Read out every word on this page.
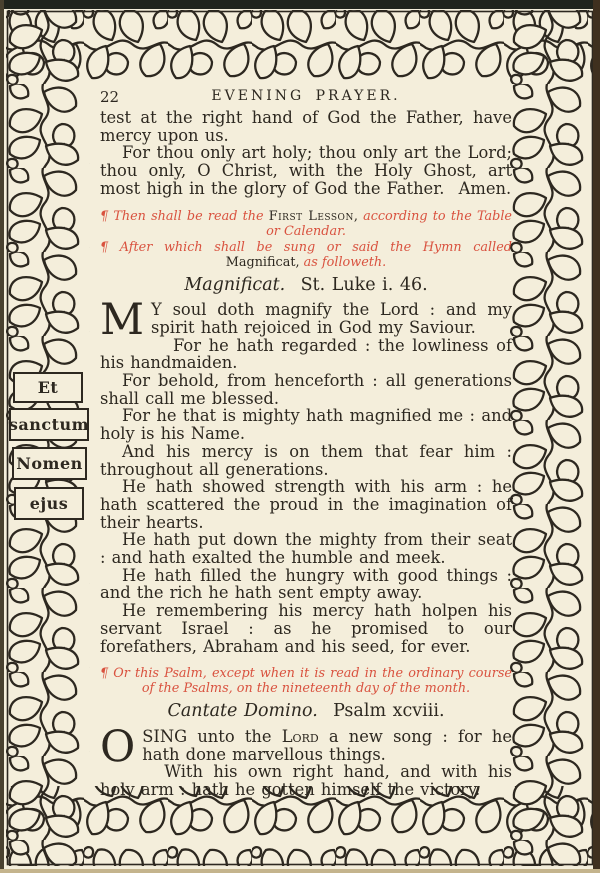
Et
sanctum
Nomen
ejus
22	EVENING PRAYER.
test at the right hand of God the Father, have mercy upon us.
For thou only art holy; thou only art the Lord; thou only, O Christ, with the Holy Ghost, art most high in the glory of God the Father.  Amen.
¶ Then shall be read the First Lesson, according to the Table or Calendar.
¶ After which shall be sung or said the Hymn called Magnificat, as followeth.
Magnificat.  St. Luke i. 46.
M Y soul doth magnify the Lord : and my spirit hath rejoiced in God my Saviour.
For he hath regarded : the lowliness of his handmaiden.
For behold, from henceforth : all generations shall call me blessed.
For he that is mighty hath magnified me : and holy is his Name.
And his mercy is on them that fear him : throughout all generations.
He hath showed strength with his arm : he hath scattered the proud in the imagination of their hearts.
He hath put down the mighty from their seat : and hath exalted the humble and meek.
He hath filled the hungry with good things : and the rich he hath sent empty away.
He remembering his mercy hath holpen his servant Israel : as he promised to our forefathers, Abraham and his seed, for ever.
¶ Or this Psalm, except when it is read in the ordinary course of the Psalms, on the nineteenth day of the month.
Cantate Domino.  Psalm xcviii.
OSING unto the Lord a new song : for he hath done marvellous things.
With his own right hand, and with his holy arm : hath he gotten himself the victory.
